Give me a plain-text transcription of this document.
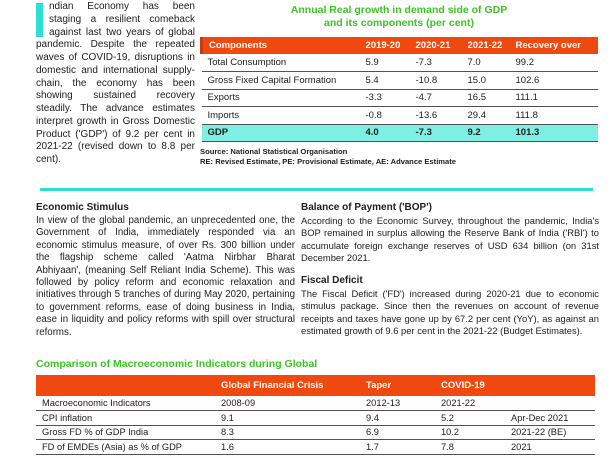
ndian Economy has been staging a resilient comeback against last two years of global pandemic. Despite the repeated waves of COVID-19, disruptions in domestic and international supply-chain, the economy has been showing sustained recovery steadily. The advance estimates interpret growth in Gross Domestic Product ('GDP') of 9.2 per cent in 2021-22 (revised down to 8.8 per cent).
Annual Real growth in demand side of GDP
and its components (per cent)
Components	2019-20	2020-21	2021-22	Recovery over
Total Consumption	5.9	-7.3	7.0	99.2
Gross Fixed Capital Formation	5.4	-10.8	15.0	102.6
Exports	-3.3	-4.7	16.5	111.1
Imports	-0.8	-13.6	29.4	111.8
GDP	4.0	-7.3	9.2	101.3
Source: National Statistical Organisation
RE: Revised Estimate, PE: Provisional Estimate, AE: Advance Estimate
Economic Stimulus

In view of the global pandemic, an unprecedented one, the Government of India, immediately responded via an economic stimulus measure, of over Rs. 300 billion under the flagship scheme called 'Aatma Nirbhar Bharat Abhiyaan', (meaning Self Reliant India Scheme). This was followed by policy reform and economic relaxation and initiatives through 5 tranches of during May 2020, pertaining to government reforms, ease of doing business in India, ease in liquidity and policy reforms with spill over structural reforms.

Balance of Payment ('BOP')

According to the Economic Survey, throughout the pandemic, India's BOP remained in surplus allowing the Reserve Bank of India ('RBI') to accumulate foreign exchange reserves of USD 634 billion (on 31st December 2021.

Fiscal Deficit

The Fiscal Deficit ('FD') increased during 2020-21 due to economic stimulus package. Since then the revenues on account of revenue receipts and taxes have gone up by 67.2 per cent (YoY), as against an estimated growth of 9.6 per cent in the 2021-22 (Budget Estimates).

Comparison of Macroeconomic Indicators during Global
	Global Financial Crisis	Taper	COVID-19	
Macroeconomic Indicators	2008-09	2012-13	2021-22	
CPI inflation	9.1	9.4	5.2	Apr-Dec 2021
Gross FD % of GDP India	8.3	6.9	10.2	2021-22 (BE)
FD of EMDEs (Asia) as % of GDP	1.6	1.7	7.8	2021
